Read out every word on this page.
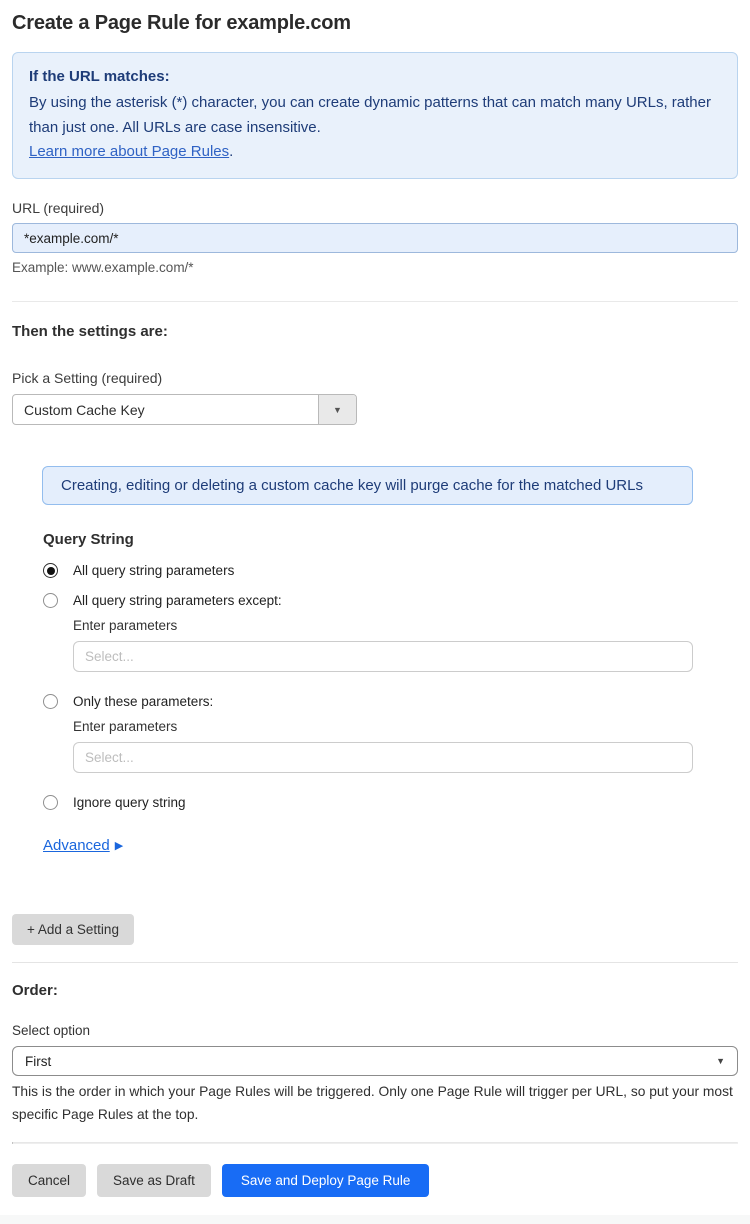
Create a Page Rule for example.com

If the URL matches:

By using the asterisk (*) character, you can create dynamic patterns that can match many URLs, rather than just one. All URLs are case insensitive.

Learn more about Page Rules.

URL (required)

*example.com/*

Example: www.example.com/*

Then the settings are:

Pick a Setting (required)

Custom Cache Key	▼
Creating, editing or deleting a custom cache key will purge cache for the matched URLs
Query String
All query string parameters
All query string parameters except:

Enter parameters

Select...
Only these parameters:

Enter parameters

Select...
Ignore query string
Advanced ▶
+ Add a Setting
Order:

Select option

First	▼

This is the order in which your Page Rules will be triggered. Only one Page Rule will trigger per URL, so put your most specific Page Rules at the top.

Cancel	Save as Draft	Save and Deploy Page Rule
